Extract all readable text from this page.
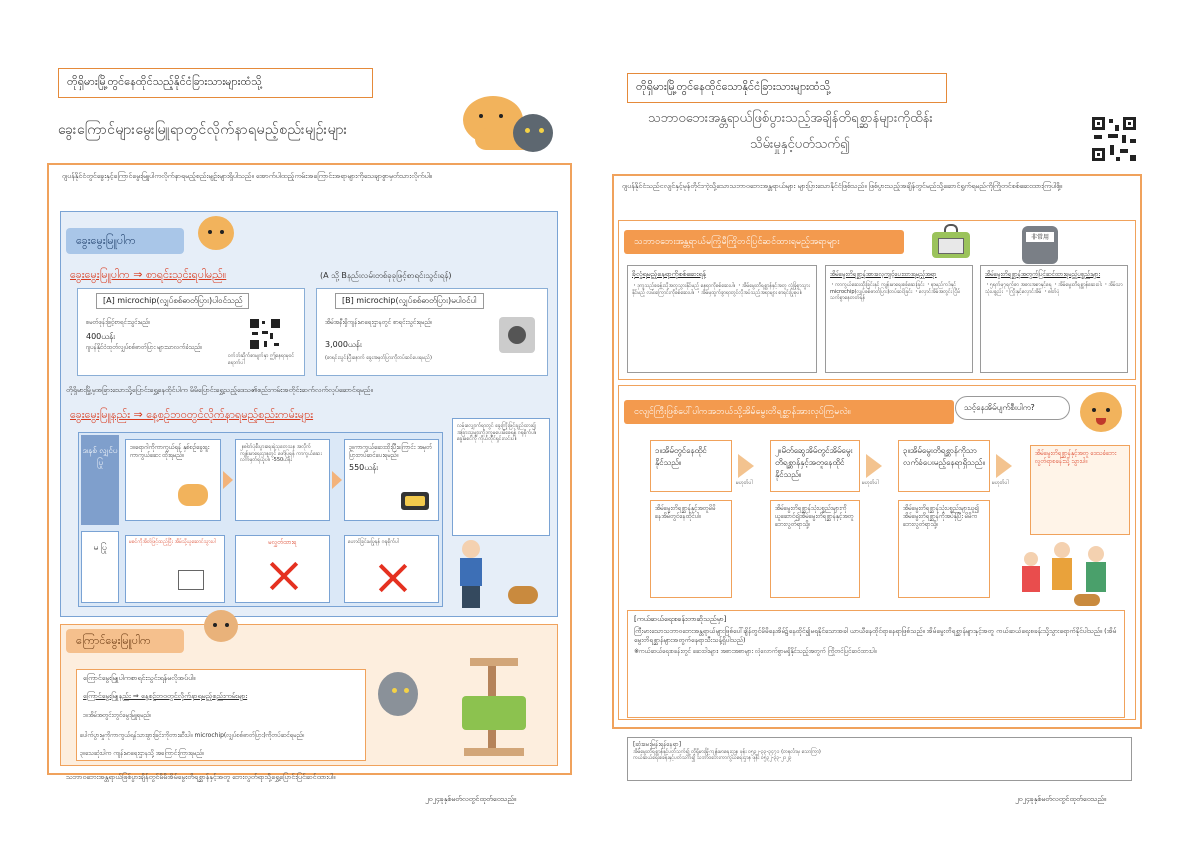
တိုရှိမားမြို့တွင်နေထိုင်သည့်နိုင်ငံခြားသားများထံသို့
ခွေးကြောင်များမွေးမြူရာတွင်လိုက်နာရမည့်စည်းမျဉ်းများ
ဂျပန်နိုင်ငံတွင်ခွေးနှင့်ကြောင်မွေးမြူပါကလိုက်နာရမည့်စည်းမျဉ်းများရှိပါသည်။ အောက်ပါထည့်ကမ်းအကြောင်းအရာများကိုသေချာစွာမှတ်သားလိုက်ပါ။
ခွေးမွေးမြူပါက
ခွေးမွေးမြူပါက ⇒ စာရင်းသွင်းရပါမည်။	(A သို့ Bနည်းလမ်းတစ်ခုခုဖြင့်စာရင်းသွင်းရန်)
[A] microchip(လျှပ်စစ်ဓာတ်ပြား)ပါဝင်သည်
စမတ်ဖုန်းဖြင့်စာရင်းသွင်းမည်။
400ယန်း
ဂျပန်နိုင်ငံထုတ်လျှပ်စစ်ဓာတ်ပြား များသာလက်ခံသည်။
ဝက်ဘ်ဆိုက်စာမျက်နှာ ဤနေရာမှဝင်ရောက်ပါ
[B] microchip(လျှပ်စစ်ဓာတ်ပြား)မပါဝင်ပါ
အိမ်အနီးရှိကျန်းမာရေးဌာနတွင် စာရင်းသွင်းရမည်။
3,000ယန်း
(စာရင်းသွင်းပြီးနောက် ခွေးအမှတ်ပြားကိုတပ်ဆင်ပေးရမည်)
တိုရှိမားမြို့မှအခြားသောသို့ပြောင်းရွှေ့နေထိုင်ပါက မိမိပြောင်းရွှေ့သည့်ဒေသ၏စည်းကမ်းအတိုင်းဆက်လက်လုပ်ဆောင်ရမည်။
ခွေးမွေးမြူနည်း ⇒ နေ့စဉ်ဘဝတွင်လိုက်နာရမည့်စည်းကမ်းများ
ဒ၊နစ် လျှင်ပ ပြု
၁။ရောဂါကိုကာကွယ်ရန် နှစ်စဉ်ခွေးရူးကာကွယ်ဆေး ထိုးရမည်။
၂။ဓါတ်ပုံစီးပွားရေးရဲ့သုတေသန အလိုက်ကျန်းမာရေးဌာနတွင် ဖော်ပြရန် ကာကွယ်ဆေးလက်မှတ်ရယူပါ။ -550ယန်း
၃။ကာကွယ်ဆေးထိုးပြီးကြောင်း အမှတ်ပြားတပ်ဆင်ပေးရမည်။
550ယန်း
မ ပြု
မစင်ကိုအိတ်ဖြင့်ထည့်ပြီး အိမ်သို့ယူဆောင်သွားပါ	မလွှတ်ထားရ	ဟောင်ခြင်းမပြုရန် ဂရုစိုက်ပါ
လမ်းလျှောက်ရာတွင် ခွေးကြိုးဖြင့်ချည်ထား၍ အခြားသူများကိုဒုက္ခမပေးမိစေရန် ဂရုစိုက်ပါ။ ခွေးမစင်ကို ကိုယ်တိုင်ရှင်းလင်းပါ။
ကြောင်မွေးမြူပါက
ကြောင်မွေးမြူပါကစာရင်းသွင်းရန်မလိုအပ်ပါ။
ကြောင်မွေးမြူနည်း ⇒ နေ့စဉ်ဘဝတွင်လိုက်နာရမည့်စည်းကမ်းများ
၁။အိမ်အတွင်းတွင်မွေးမြူရမည်။
ပေါက်ပွားမှုကိုကာကွယ်ရန်သားဖွားခြင်းကိုတားဆီးပါ။ microchip(လျှပ်စစ်ဓာတ်ပြား)ကိုတပ်ဆင်ရမည်။
၃။သေဆုံးပါက ကျန်းမာရေးဌာနသို့ အကြောင်းကြားရမည်။
သဘာဝဘေးအန္တရာယ်ဖြစ်ပွားချိန်တွင်မိမိအိမ်မွေးတိရစ္ဆာန်နှင့်အတူ ဘေးလွတ်ရာသို့ရွှေ့ပြောင်းပြင်ဆင်ထားပါ။
၂၀၂၄ခုနှစ်မတ်လတွင်ထုတ်ဝေသည်။
တိုရှိမားမြို့တွင်နေထိုင်သောနိုင်ငံခြားသားများထံသို့
သဘာဝဘေးအန္တရာယ်ဖြစ်ပွားသည့်အချိန်တိရစ္ဆာန်များကိုထိန်း
သိမ်းမှုနှင့်ပတ်သက်၍
ဂျပန်နိုင်ငံသည်ငလျင်နှင့်မုန်တိုင်းကဲ့သို့သောသဘာဝဘေးအန္တရာယ်များ များပြားသောနိုင်ငံဖြစ်သည်။ ဖြစ်ပွားသည့်အချိန်တွင်မည်သို့ဆောင်ရွက်ရမည်ကိုကြိုတင်စစ်ဆေးထားကြပါစို့။
သဘာဝဘေးအန္တရာယ်မကြုံမီကြိုတင်ပြင်ဆင်ထားရမည့်အရာများ	非常用
ခိုလှုံရမည့်နေရာကိုစစ်ဆေးရန်
・ဒုက္ခသည်စခန်းသို့အတူသွားနိုင်မည့် နေရာကိုစစ်ဆေးပါ။ ・အိမ်မွေးတိရစ္ဆာန်နှင့်အတူ လုံခြုံစွာသွားနိုင်မည့် လမ်းကြောင်းကိုစစ်ဆေးပါ။ ・အိမ်မှထွက်ခွာရာတွင်လိုအပ်သည့်အရာများ စာရင်းပြုစုပါ။
အိမ်မွေးတိရစ္ဆာန်အားလေ့ကျင့်ပေးထားရမည့်အရာ
・ကာကွယ်ဆေးထိုးခြင်းနှင့် ကျန်းမာရေးစစ်ဆေးခြင်း ・နာမည်ကဒ်နှင့် microchip(လျှပ်စစ်ဓာတ်ပြား)တပ်ဆင်ခြင်း ・လှောင်အိမ်အတွင်း ငြိမ်သက်စွာနေတတ်ရန်
အိမ်မွေးတိရစ္ဆာန်အတွက်ပြင်ဆင်ထားရမည့်ပစ္စည်းများ
・၅ရက်မှ၇ရက်စာ အစားအစာနှင့်ရေ ・အိမ်မွေးတိရစ္ဆာန်ဆေးဝါး ・အိမ်သာသုံးပစ္စည်း ・ကြိုးနှင့်လှောင်အိမ် ・ဓါတ်ပုံ
ငလျင်ကြီးဖြစ်ပေါ်ပါကအဘယ်သို့အိမ်မွေးတိရစ္ဆာန်အားလုပ်ကြမလဲ။	သင့်နေအိမ်ပျက်စီးပါက?
၁။အိမ်တွင်နေထိုင်နိုင်သည်။
မဟုတ်ပါ
၂။မိတ်ဆွေအိမ်တွင်အိမ်မွေးတိရစ္ဆာန်နှင့်အတူနေထိုင်နိုင်သည်။
မဟုတ်ပါ
၃။အိမ်မွေးတိရစ္ဆာန်ကိုသာလက်ခံပေးမည့်နေရာရှိသည်။
မဟုတ်ပါ
အိမ်မွေးတိရစ္ဆာန်နှင့်အတူမိမိနေအိမ်တွင်နေထိုင်ပါ။
အိမ်မွေးတိရစ္ဆာန်သုံးပစ္စည်းများကိုယူဆောင်၍အိမ်မွေးတိရစ္ဆာန်နှင့်အတူဘေးလွတ်ရာသို့။
အိမ်မွေးတိရစ္ဆာန်သုံးပစ္စည်းများယူ၍ အိမ်မွေးတိရစ္ဆာန်ကိုအပ်နှံပြီး မိမိကဘေးလွတ်ရာသို့။
အိမ်မွေးတိရစ္ဆာန်နှင့်အတူ ဒေသခံဘေးလွတ်ရာစခန်းသို့ သွားပါ။
[ကယ်ဆယ်ရေးစခန်းတာဆိုသည်မှာ]
ကြီးမားသောသဘာဝဘေးအန္တရာယ်များဖြစ်ပေါ်ချိန်တွင်မိမိနေအိမ်၌နေထိုင်၍မရနိုင်သောအခါ ယာယီနေထိုင်ရာနေရာဖြစ်သည်။ အိမ်မွေးတိရစ္ဆာန်များနှင့်အတူ ကယ်ဆယ်ရေးစခန်းသို့သွားရောက်နိုင်ပါသည်။ (အိမ်မွေးတိရစ္ဆာန်များအတွက်နေရာသီးသန့်ရှိပါသည်)
※ကယ်ဆယ်ရေးစခန်းတွင် ဆေးဝါးများ၊ အစားအစာများ လုံလောက်စွာမရှိနိုင်သည့်အတွက် ကြိုတင်ပြင်ဆင်ထားပါ။
[ဆုံးမေးမြန်းရန်နေရာ]
အိမ်မွေးတိရစ္ဆာန်နှင့်ပတ်သက်၍ တိုရှိမားမြို့ကျန်းမာရေးဌာန ဖုန်း ၀၅၃၂-၃၃-၃၄၇၁ (တနင်္လာမှ သောကြာ)
ကယ်ဆယ်ရေးစခန်းနှင့်ပတ်သက်၍ သဘာဝဘေးကာကွယ်ရေးဌာန ဖုန်း ၀၅၃၂-၃၃-၂၁၂၃
၂၀၂၄ခုနှစ်မတ်လတွင်ထုတ်ဝေသည်။
